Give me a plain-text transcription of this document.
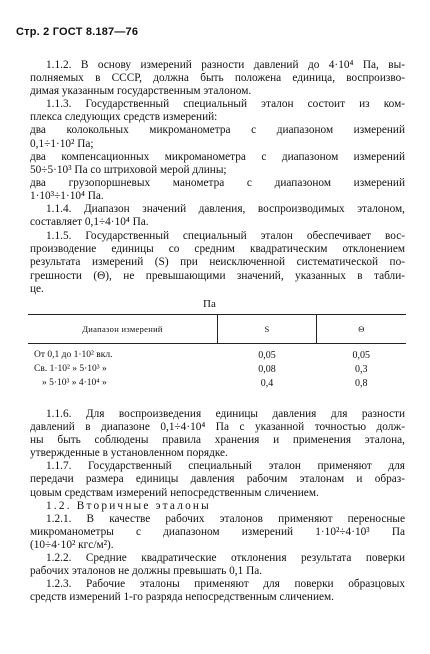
Стр. 2 ГОСТ 8.187—76

1.1.2. В основу измерений разности давлений до 4·10⁴ Па, вы-

полняемых в СССР, должна быть положена единица, воспроизво-

димая указанным государственным эталоном.

1.1.3. Государственный специальный эталон состоит из ком-

плекса следующих средств измерений:

два колокольных микроманометра с диапазоном измерений

0,1÷1·10² Па;

два компенсационных микроманометра с диапазоном измерений

50÷5·10³ Па со штриховой мерой длины;

два грузопоршневых манометра с диапазоном измерений

1·10³÷1·10⁴ Па.

1.1.4. Диапазон значений давления, воспроизводимых эталоном, составляет 0,1÷4·10⁴ Па.

1.1.5. Государственный специальный эталон обеспечивает вос-

производение единицы со средним квадратическим отклонением

результата измерений (S) при неисключенной систематической по-

грешности (Θ), не превышающими значений, указанных в табли-

це.

Па
Диапазон измерений	S	Θ
От 0,1 до 1·10² вкл.	0,05	0,05
Св. 1·10² » 5·10³ »	0,08	0,3
» 5·10³ » 4·10⁴ »	0,4	0,8

1.1.6. Для воспроизведения единицы давления для разности

давлений в диапазоне 0,1÷4·10⁴ Па с указанной точностью долж-

ны быть соблюдены правила хранения и применения эталона,

утвержденные в установленном порядке.

1.1.7. Государственный специальный эталон применяют для

передачи размера единицы давления рабочим эталонам и образ-

цовым средствам измерений непосредственным сличением.

1.2. Вторичные эталоны

1.2.1. В качестве рабочих эталонов применяют переносные

микроманометры с диапазоном измерений 1·10²÷4·10³ Па

(10÷4·10² кгс/м²).

1.2.2. Средние квадратические отклонения результата поверки

рабочих эталонов не должны превышать 0,1 Па.

1.2.3. Рабочие эталоны применяют для поверки образцовых

средств измерений 1-го разряда непосредственным сличением.
